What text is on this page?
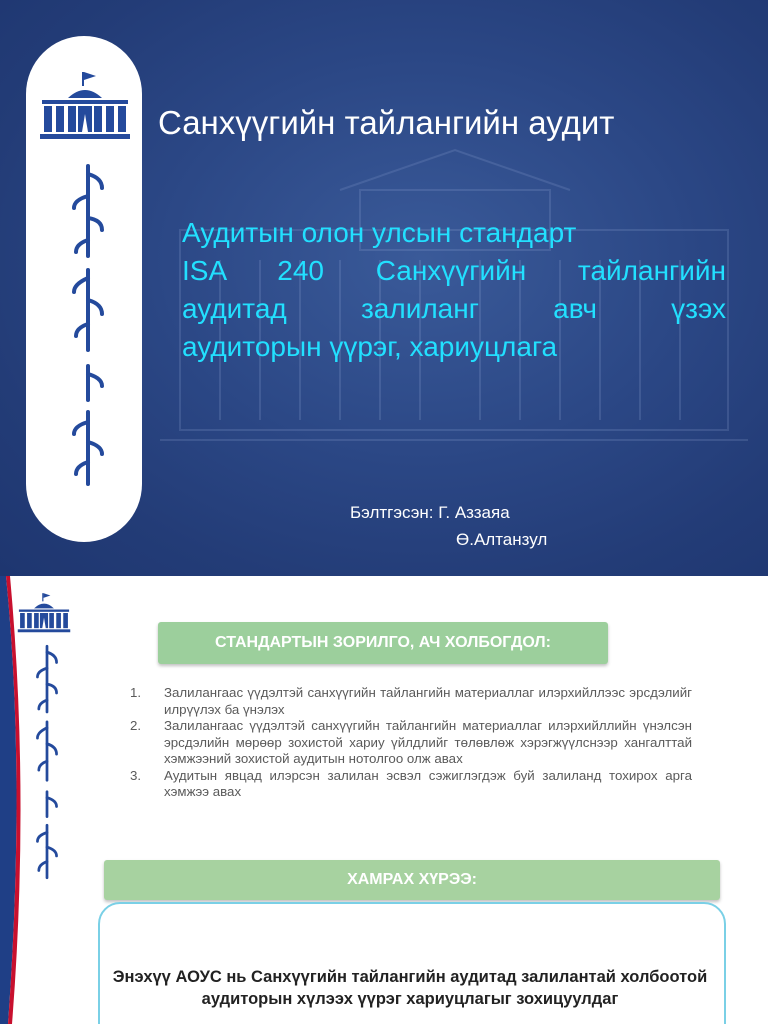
Санхүүгийн тайлангийн аудит
Аудитын олон улсын стандарт
ISA 240 Санхүүгийн тайлангийн
аудитад залиланг авч үзэх
аудиторын үүрэг, хариуцлага
Бэлтгэсэн: Г. Аззаяа
Ө.Алтанзул
СТАНДАРТЫН ЗОРИЛГО, АЧ ХОЛБОГДОЛ:
1. Залилангаас үүдэлтэй санхүүгийн тайлангийн материаллаг илэрхийллээс эрсдэлийг илрүүлэх ба үнэлэх
2. Залилангаас үүдэлтэй санхүүгийн тайлангийн материаллаг илэрхийллийн үнэлсэн эрсдэлийн мөрөөр зохистой хариу үйлдлийг төлөвлөж хэрэгжүүлснээр хангалттай хэмжээний зохистой аудитын нотолгоо олж авах
3. Аудитын явцад илэрсэн залилан эсвэл сэжиглэгдэж буй залиланд тохирох арга хэмжээ авах
ХАМРАХ ХҮРЭЭ:
Энэхүү АОУС нь Санхүүгийн тайлангийн аудитад залилантай холбоотой аудиторын хүлээх үүрэг хариуцлагыг зохицуулдаг
